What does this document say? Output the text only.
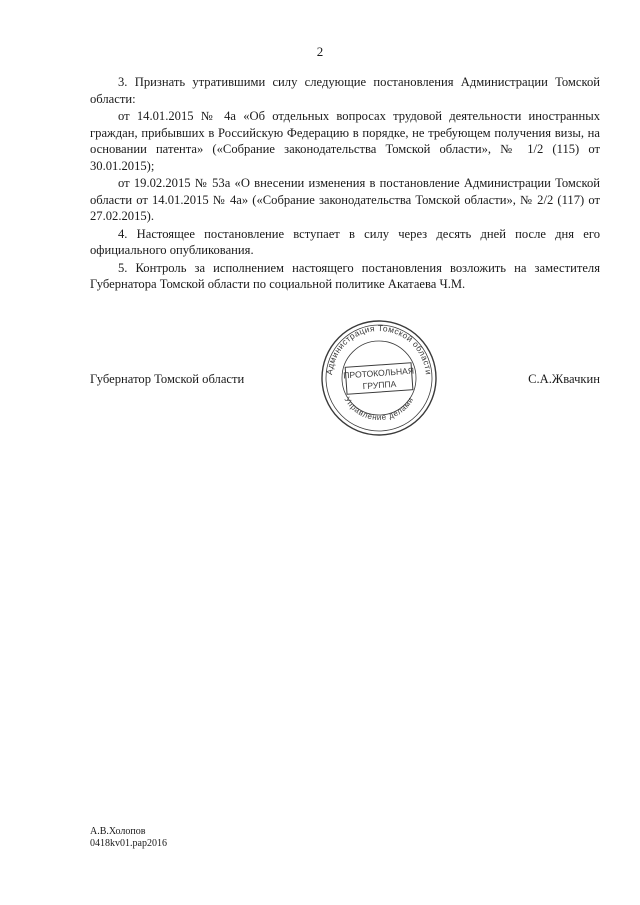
2

3. Признать утратившими силу следующие постановления Администрации Томской области:

от 14.01.2015 № 4а «Об отдельных вопросах трудовой деятельности иностранных граждан, прибывших в Российскую Федерацию в порядке, не требующем получения визы, на основании патента» («Собрание законодательства Томской области», № 1/2 (115) от 30.01.2015);

от 19.02.2015 № 53а «О внесении изменения в постановление Администрации Томской области от 14.01.2015 № 4а» («Собрание законодательства Томской области», № 2/2 (117) от 27.02.2015).

4. Настоящее постановление вступает в силу через десять дней после дня его официального опубликования.

5. Контроль за исполнением настоящего постановления возложить на заместителя Губернатора Томской области по социальной политике Акатаева Ч.М.

Губернатор Томской области	С.А.Жвачкин
Администрация Томской области
Управление делами
ПРОТОКОЛЬНАЯ
ГРУППА
А.В.Холопов
0418kv01.pap2016
